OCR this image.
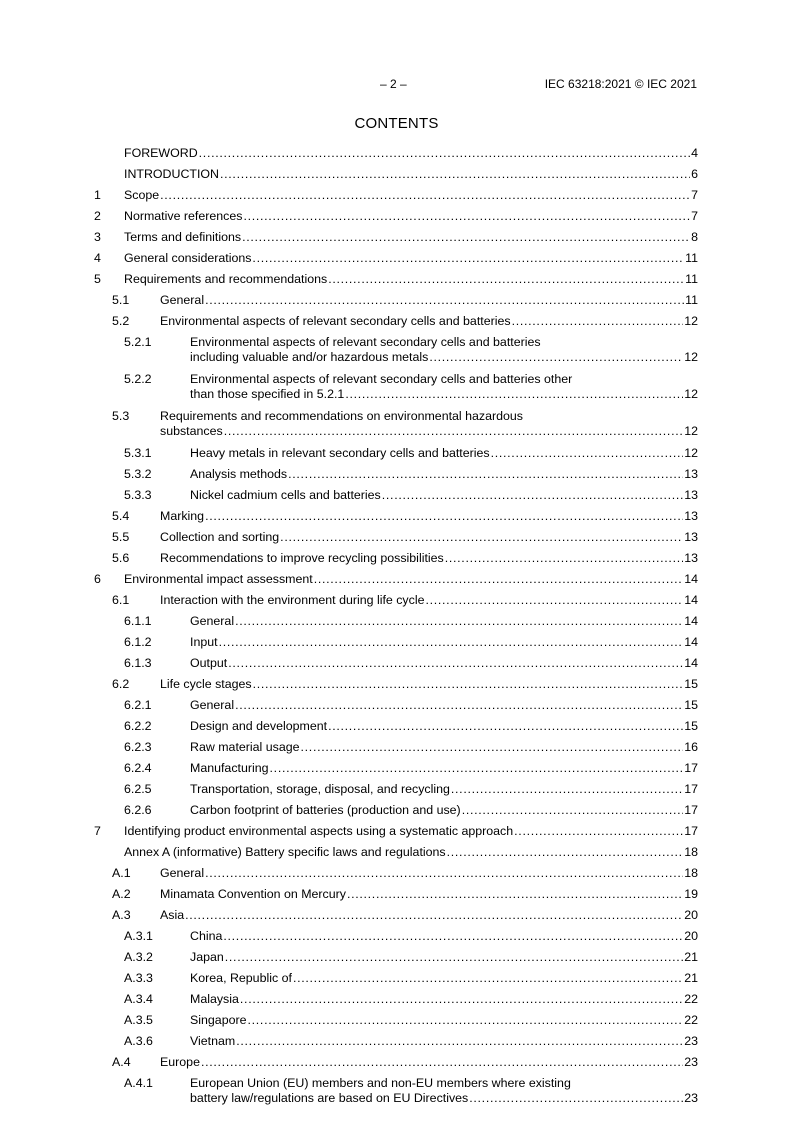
– 2 –	IEC 63218:2021 © IEC 2021
CONTENTS
FOREWORD .....	4
INTRODUCTION .....	6
1	Scope .....	7
2	Normative references .....	7
3	Terms and definitions .....	8
4	General considerations .....	11
5	Requirements and recommendations .....	11
5.1	General .....	11
5.2	Environmental aspects of relevant secondary cells and batteries .....	12
5.2.1	Environmental aspects of relevant secondary cells and batteries
including valuable and/or hazardous metals .....	12
5.2.2	Environmental aspects of relevant secondary cells and batteries other
than those specified in 5.2.1 .....	12
5.3	Requirements and recommendations on environmental hazardous
substances .....	12
5.3.1	Heavy metals in relevant secondary cells and batteries .....	12
5.3.2	Analysis methods .....	13
5.3.3	Nickel cadmium cells and batteries .....	13
5.4	Marking .....	13
5.5	Collection and sorting .....	13
5.6	Recommendations to improve recycling possibilities .....	13
6	Environmental impact assessment .....	14
6.1	Interaction with the environment during life cycle .....	14
6.1.1	General .....	14
6.1.2	Input .....	14
6.1.3	Output .....	14
6.2	Life cycle stages .....	15
6.2.1	General .....	15
6.2.2	Design and development .....	15
6.2.3	Raw material usage .....	16
6.2.4	Manufacturing .....	17
6.2.5	Transportation, storage, disposal, and recycling .....	17
6.2.6	Carbon footprint of batteries (production and use) .....	17
7	Identifying product environmental aspects using a systematic approach .....	17
Annex A (informative) Battery specific laws and regulations .....	18
A.1	General .....	18
A.2	Minamata Convention on Mercury .....	19
A.3	Asia .....	20
A.3.1	China .....	20
A.3.2	Japan .....	21
A.3.3	Korea, Republic of .....	21
A.3.4	Malaysia .....	22
A.3.5	Singapore .....	22
A.3.6	Vietnam .....	23
A.4	Europe .....	23
A.4.1	European Union (EU) members and non-EU members where existing
battery law/regulations are based on EU Directives .....	23
